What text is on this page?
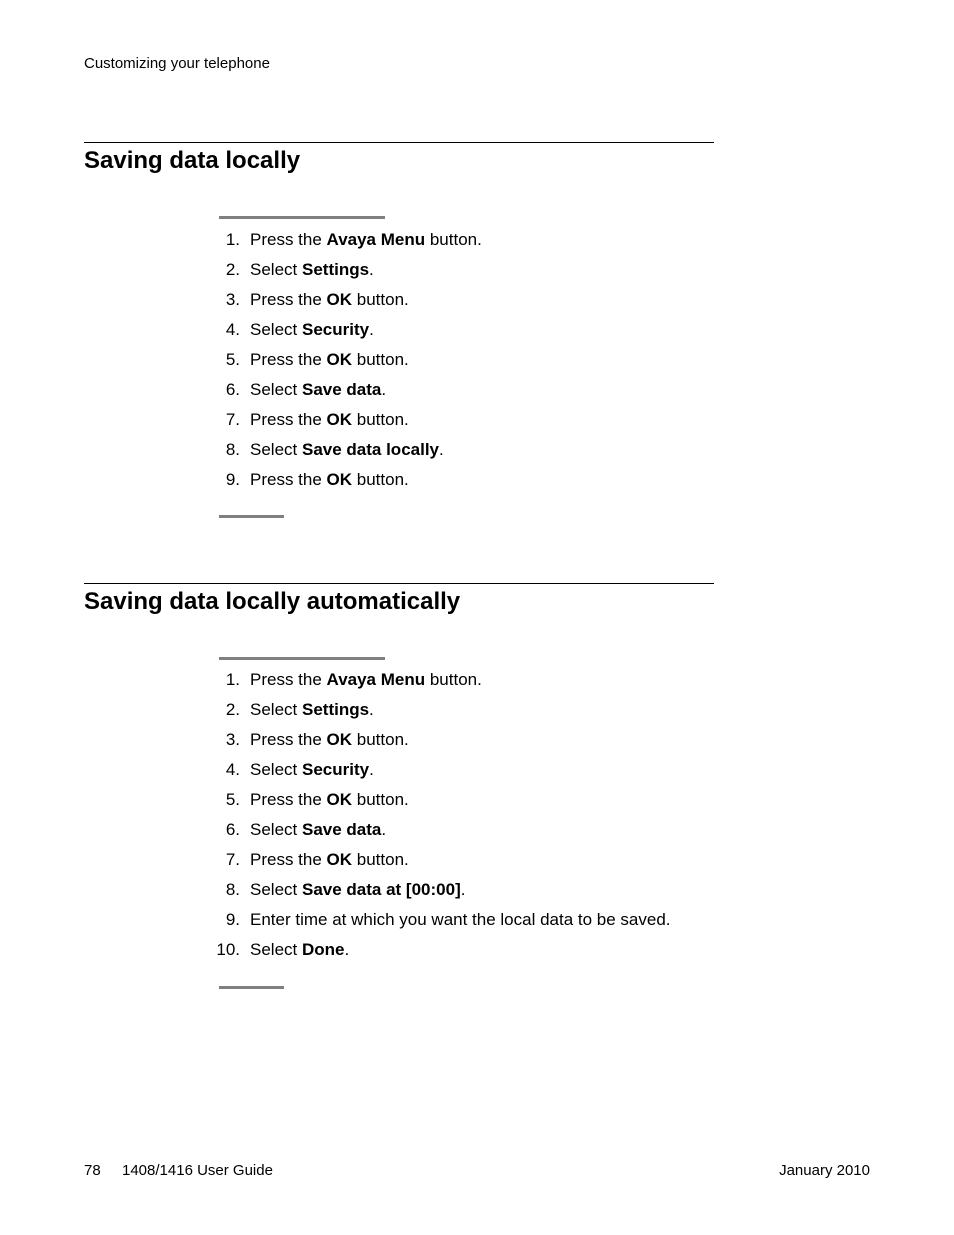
Customizing your telephone
Saving data locally
1. Press the Avaya Menu button.
2. Select Settings.
3. Press the OK button.
4. Select Security.
5. Press the OK button.
6. Select Save data.
7. Press the OK button.
8. Select Save data locally.
9. Press the OK button.
Saving data locally automatically
1. Press the Avaya Menu button.
2. Select Settings.
3. Press the OK button.
4. Select Security.
5. Press the OK button.
6. Select Save data.
7. Press the OK button.
8. Select Save data at [00:00].
9. Enter time at which you want the local data to be saved.
10. Select Done.
78 1408/1416 User Guide	January 2010
